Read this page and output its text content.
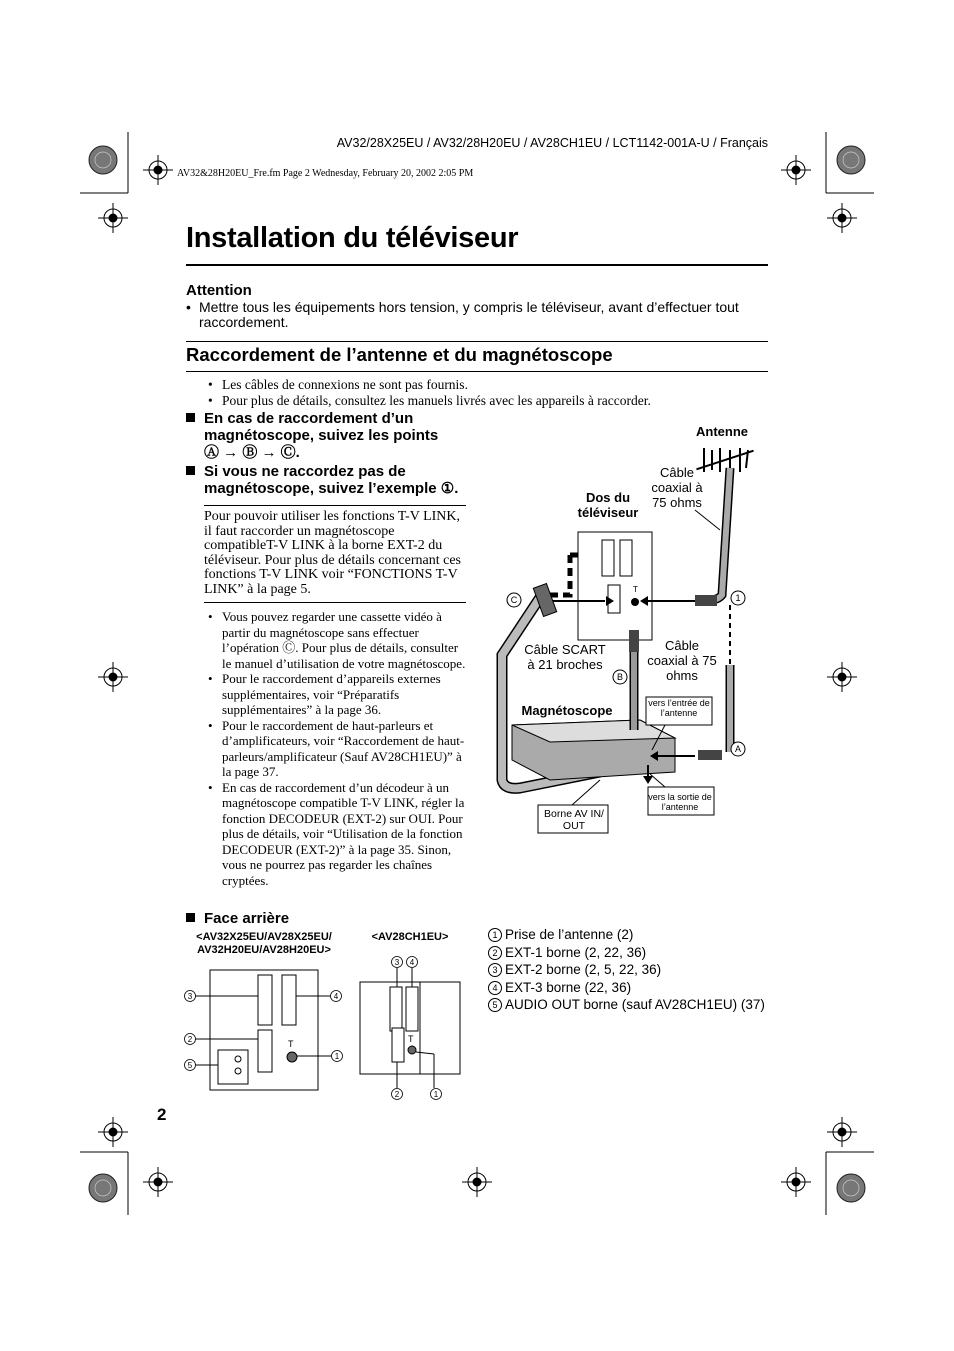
AV32/28X25EU / AV32/28H20EU / AV28CH1EU / LCT1142-001A-U / Français
AV32&28H20EU_Fre.fm Page 2 Wednesday, February 20, 2002 2:05 PM
Installation du téléviseur
Attention
• Mettre tous les équipements hors tension, y compris le téléviseur, avant d’effectuer tout raccordement.
Raccordement de l’antenne et du magnétoscope
• Les câbles de connexions ne sont pas fournis.
• Pour plus de détails, consultez les manuels livrés avec les appareils à raccorder.
En cas de raccordement d’un magnétoscope, suivez les points
Ⓐ → Ⓑ → Ⓒ.
Si vous ne raccordez pas de magnétoscope, suivez l’exemple ①.
Pour pouvoir utiliser les fonctions T-V LINK, il faut raccorder un magnétoscope compatibleT-V LINK à la borne EXT-2 du téléviseur. Pour plus de détails concernant ces fonctions T-V LINK voir “FONCTIONS T-V LINK” à la page 5.
• Vous pouvez regarder une cassette vidéo à partir du magnétoscope sans effectuer l’opération Ⓒ. Pour plus de détails, consulter le manuel d’utilisation de votre magnétoscope.
• Pour le raccordement d’appareils externes supplémentaires, voir “Préparatifs supplémentaires” à la page 36.
• Pour le raccordement de haut-parleurs et d’amplificateurs, voir “Raccordement de haut-parleurs/amplificateur (Sauf AV28CH1EU)” à la page 37.
• En cas de raccordement d’un décodeur à un magnétoscope compatible T-V LINK, régler la fonction DECODEUR (EXT-2) sur OUI. Pour plus de détails, voir “Utilisation de la fonction DECODEUR (EXT-2)” à la page 35. Sinon, vous ne pourrez pas regarder les chaînes cryptées.
T
C	1
B
A
Antenne
Dos du téléviseur
Câble coaxial à 75 ohms
Câble SCART à 21 broches
Câble coaxial à 75 ohms
Magnétoscope	vers l’entrée de l’antenne
vers la sortie de l’antenne
Borne AV IN/ OUT
Face arrière
<AV32X25EU/AV28X25EU/ AV32H20EU/AV28H20EU>
<AV28CH1EU>
T	T
3	4
2
5
1
3 4
2	1
1 Prise de l’antenne (2)
2 EXT-1 borne (2, 22, 36)
3 EXT-2 borne (2, 5, 22, 36)
4 EXT-3 borne (22, 36)
5 AUDIO OUT borne (sauf AV28CH1EU) (37)
2
